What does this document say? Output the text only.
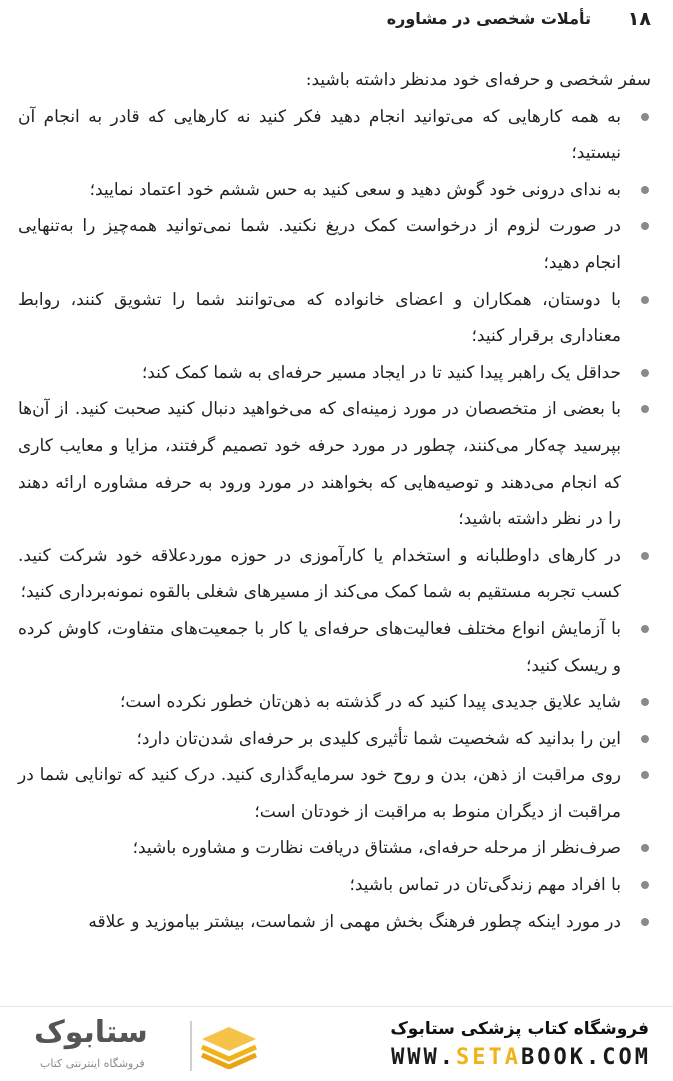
۱۸
تأملات شخصی در مشاوره

سفر شخصی و حرفه‌ای خود مدنظر داشته باشید:

به همه کارهایی که می‌توانید انجام دهید فکر کنید نه کارهایی که قادر به انجام آن نیستید؛
به ندای درونی خود گوش دهید و سعی کنید به حس ششم خود اعتماد نمایید؛
در صورت لزوم از درخواست کمک دریغ نکنید. شما نمی‌توانید همه‌چیز را به‌تنهایی انجام دهید؛
با دوستان، همکاران و اعضای خانواده که می‌توانند شما را تشویق کنند، روابط معناداری برقرار کنید؛
حداقل یک راهبر پیدا کنید تا در ایجاد مسیر حرفه‌ای به شما کمک کند؛
با بعضی از متخصصان در مورد زمینه‌ای که می‌خواهید دنبال کنید صحبت کنید. از آن‌ها بپرسید چه‌کار می‌کنند، چطور در مورد حرفه خود تصمیم گرفتند، مزایا و معایب کاری که انجام می‌دهند و توصیه‌هایی که بخواهند در مورد ورود به حرفه مشاوره ارائه دهند را در نظر داشته باشید؛
در کارهای داوطلبانه و استخدام یا کارآموزی در حوزه موردعلاقه خود شرکت کنید. کسب تجربه مستقیم به شما کمک می‌کند از مسیرهای شغلی بالقوه نمونه‌برداری کنید؛
با آزمایش انواع مختلف فعالیت‌های حرفه‌ای یا کار با جمعیت‌های متفاوت، کاوش کرده و ریسک کنید؛
شاید علایق جدیدی پیدا کنید که در گذشته به ذهن‌تان خطور نکرده است؛
این را بدانید که شخصیت شما تأثیری کلیدی بر حرفه‌ای شدن‌تان دارد؛
روی مراقبت از ذهن، بدن و روح خود سرمایه‌گذاری کنید. درک کنید که توانایی شما در مراقبت از دیگران منوط به مراقبت از خودتان است؛
صرف‌نظر از مرحله حرفه‌ای، مشتاق دریافت نظارت و مشاوره باشید؛
با افراد مهم زندگی‌تان در تماس باشید؛
در مورد اینکه چطور فرهنگ بخش مهمی از شماست، بیشتر بیاموزید و علاقه
فروشگاه کتاب پزشکی ستابوک
WWW.SETABOOK.COM
ستابوک
فروشگاه اینترنتی کتاب
